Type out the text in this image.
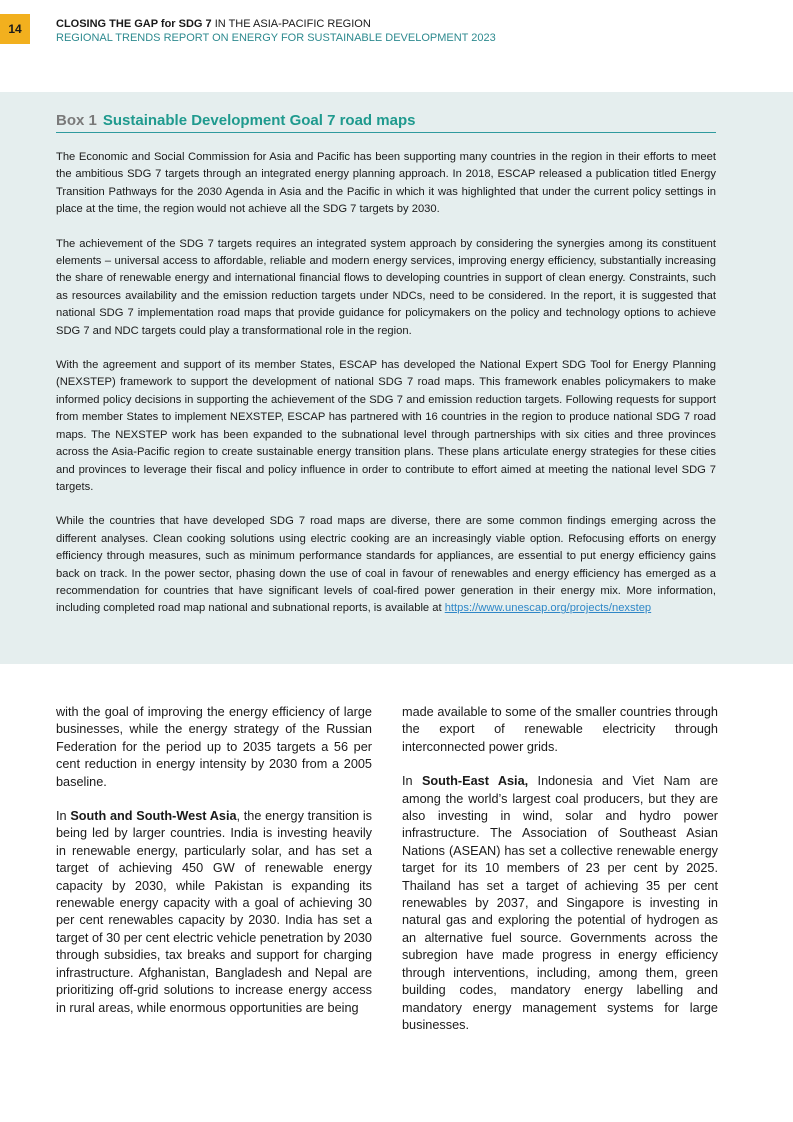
14	CLOSING THE GAP for SDG 7 IN THE ASIA-PACIFIC REGION
REGIONAL TRENDS REPORT ON ENERGY FOR SUSTAINABLE DEVELOPMENT 2023
Box 1 Sustainable Development Goal 7 road maps

The Economic and Social Commission for Asia and Pacific has been supporting many countries in the region in their efforts to meet the ambitious SDG 7 targets through an integrated energy planning approach. In 2018, ESCAP released a publication titled Energy Transition Pathways for the 2030 Agenda in Asia and the Pacific in which it was highlighted that under the current policy settings in place at the time, the region would not achieve all the SDG 7 targets by 2030.

The achievement of the SDG 7 targets requires an integrated system approach by considering the synergies among its constituent elements – universal access to affordable, reliable and modern energy services, improving energy efficiency, substantially increasing the share of renewable energy and international financial flows to developing countries in support of clean energy. Constraints, such as resources availability and the emission reduction targets under NDCs, need to be considered. In the report, it is suggested that national SDG 7 implementation road maps that provide guidance for policymakers on the policy and technology options to achieve SDG 7 and NDC targets could play a transformational role in the region.

With the agreement and support of its member States, ESCAP has developed the National Expert SDG Tool for Energy Planning (NEXSTEP) framework to support the development of national SDG 7 road maps. This framework enables policymakers to make informed policy decisions in supporting the achievement of the SDG 7 and emission reduction targets. Following requests for support from member States to implement NEXSTEP, ESCAP has partnered with 16 countries in the region to produce national SDG 7 road maps. The NEXSTEP work has been expanded to the subnational level through partnerships with six cities and three provinces across the Asia-Pacific region to create sustainable energy transition plans. These plans articulate energy strategies for these cities and provinces to leverage their fiscal and policy influence in order to contribute to effort aimed at meeting the national level SDG 7 targets.

While the countries that have developed SDG 7 road maps are diverse, there are some common findings emerging across the different analyses. Clean cooking solutions using electric cooking are an increasingly viable option. Refocusing efforts on energy efficiency through measures, such as minimum performance standards for appliances, are essential to put energy efficiency gains back on track. In the power sector, phasing down the use of coal in favour of renewables and energy efficiency has emerged as a recommendation for countries that have significant levels of coal-fired power generation in their energy mix. More information, including completed road map national and subnational reports, is available at https://www.unescap.org/projects/nexstep

with the goal of improving the energy efficiency of large businesses, while the energy strategy of the Russian Federation for the period up to 2035 targets a 56 per cent reduction in energy intensity by 2030 from a 2005 baseline.

In South and South-West Asia, the energy transition is being led by larger countries. India is investing heavily in renewable energy, particularly solar, and has set a target of achieving 450 GW of renewable energy capacity by 2030, while Pakistan is expanding its renewable energy capacity with a goal of achieving 30 per cent renewables capacity by 2030. India has set a target of 30 per cent electric vehicle penetration by 2030 through subsidies, tax breaks and support for charging infrastructure. Afghanistan, Bangladesh and Nepal are prioritizing off-grid solutions to increase energy access in rural areas, while enormous opportunities are being

made available to some of the smaller countries through the export of renewable electricity through interconnected power grids.

In South-East Asia, Indonesia and Viet Nam are among the world’s largest coal producers, but they are also investing in wind, solar and hydro power infrastructure. The Association of Southeast Asian Nations (ASEAN) has set a collective renewable energy target for its 10 members of 23 per cent by 2025. Thailand has set a target of achieving 35 per cent renewables by 2037, and Singapore is investing in natural gas and exploring the potential of hydrogen as an alternative fuel source. Governments across the subregion have made progress in energy efficiency through interventions, including, among them, green building codes, mandatory energy labelling and mandatory energy management systems for large businesses.
